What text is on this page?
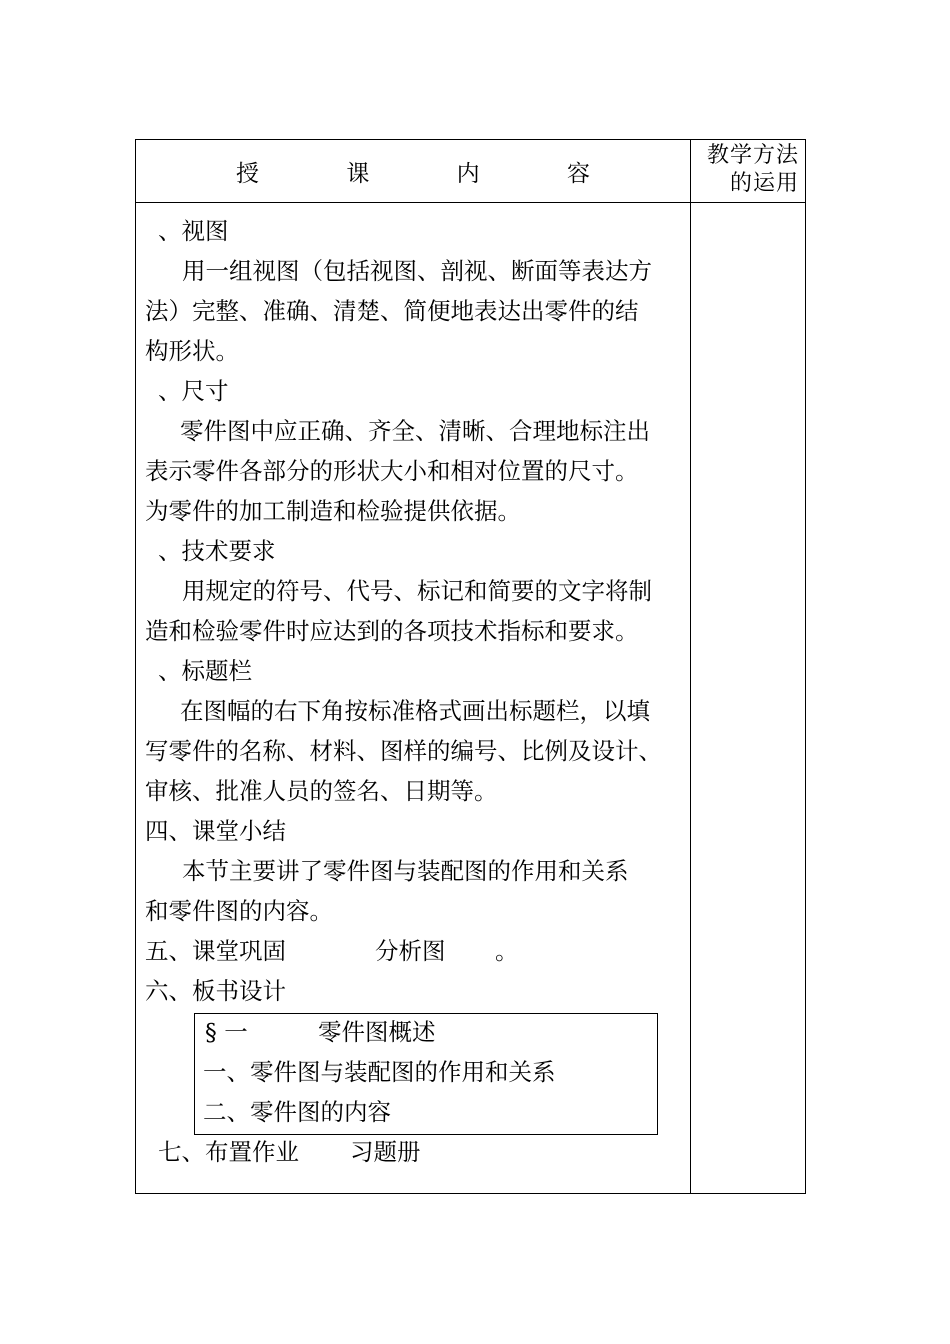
授 课 内 容
教学方法
的运用
、视图
用一组视图（包括视图、剖视、断面等表达方
法）完整、准确、清楚、简便地表达出零件的结
构形状。
、尺寸
零件图中应正确、齐全、清晰、合理地标注出
表示零件各部分的形状大小和相对位置的尺寸。
为零件的加工制造和检验提供依据。
、技术要求
用规定的符号、代号、标记和简要的文字将制
造和检验零件时应达到的各项技术指标和要求。
、标题栏
在图幅的右下角按标准格式画出标题栏，以填
写零件的名称、材料、图样的编号、比例及设计、
审核、批准人员的签名、日期等。
四、课堂小结
本节主要讲了零件图与装配图的作用和关系
和零件图的内容。
五、课堂巩固	分析图 。
六、板书设计
§ 一	零件图概述
一、零件图与装配图的作用和关系
二、零件图的内容
七、布置作业 习题册
